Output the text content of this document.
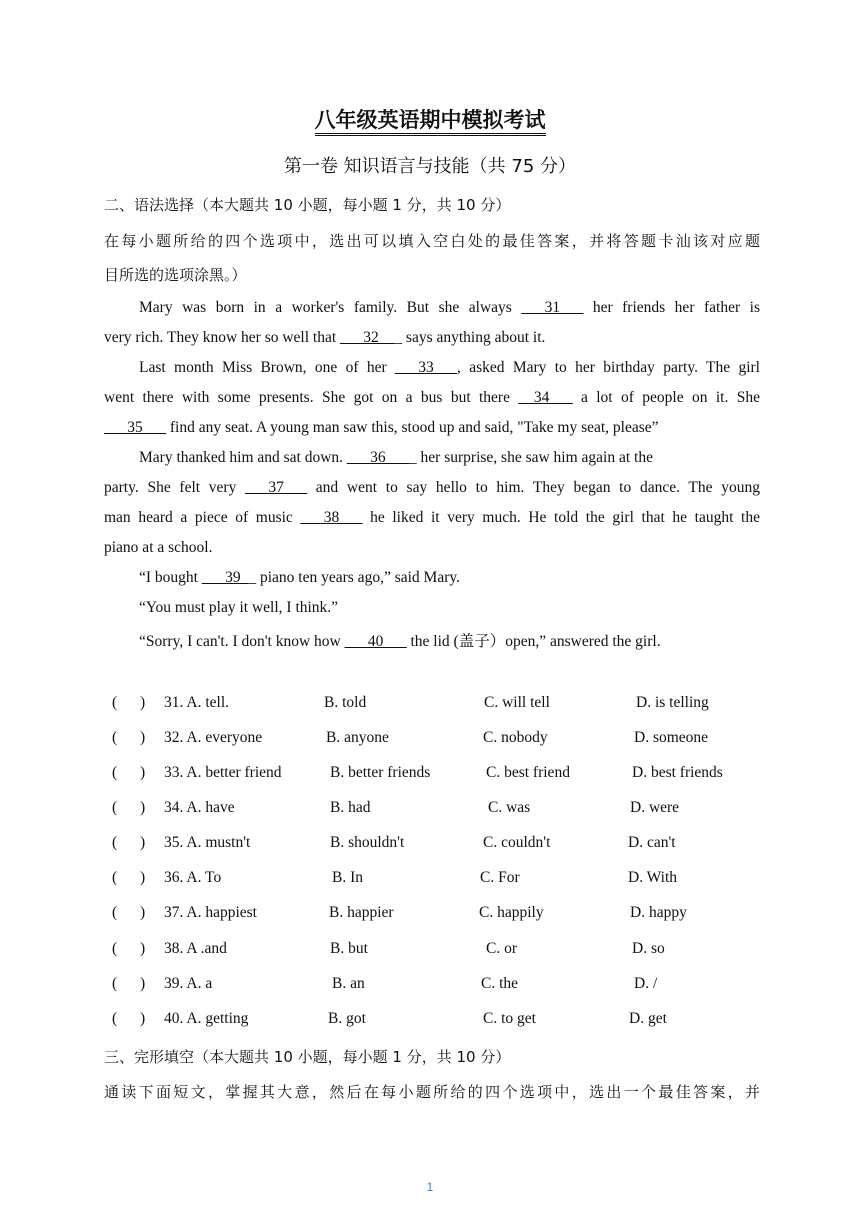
八年级英语期中模拟考试
第一卷 知识语言与技能（共 75 分）
二、语法选择（本大题共 10 小题，每小题 1 分，共 10 分）
在每小题所给的四个选项中，选出可以填入空白处的最佳答案，并将答题卡汕该对应题
目所选的选项涂黑。）
Mary was born in a worker's family. But she always ___31___ her friends her father is
very rich. They know her so well that ___32___ says anything about it.
Last month Miss Brown, one of her ___33___, asked Mary to her birthday party. The girl
went there with some presents. She got on a bus but there __34___ a lot of people on it. She
___35___ find any seat. A young man saw this, stood up and said, "Take my seat, please”
Mary thanked him and sat down. ___36____ her surprise, she saw him again at the
party. She felt very ___37___ and went to say hello to him. They began to dance. The young
man heard a piece of music ___38___ he liked it very much. He told the girl that he taught the
piano at a school.
“I bought ___39__ piano ten years ago,” said Mary.
“You must play it well, I think.”
“Sorry, I can't. I don't know how ___40___ the lid (盖子）open,” answered the girl.
( ) 31. A. tell.	B. told	C. will tell	D. is telling
( ) 32. A. everyone	B. anyone	C. nobody	D. someone
( ) 33. A. better friend	B. better friends	C. best friend	D. best friends
( ) 34. A. have	B. had	C. was	D. were
( ) 35. A. mustn't	B. shouldn't	C. couldn't	D. can't
( ) 36. A. To	B. In	C. For	D. With
( ) 37. A. happiest	B. happier	C. happily	D. happy
( ) 38. A .and	B. but	C. or	D. so
( ) 39. A. a	B. an	C. the	D. /
( ) 40. A. getting	B. got	C. to get	D. get
三、完形填空（本大题共 10 小题，每小题 1 分，共 10 分）
通读下面短文，掌握其大意，然后在每小题所给的四个选项中，选出一个最佳答案，并
1
